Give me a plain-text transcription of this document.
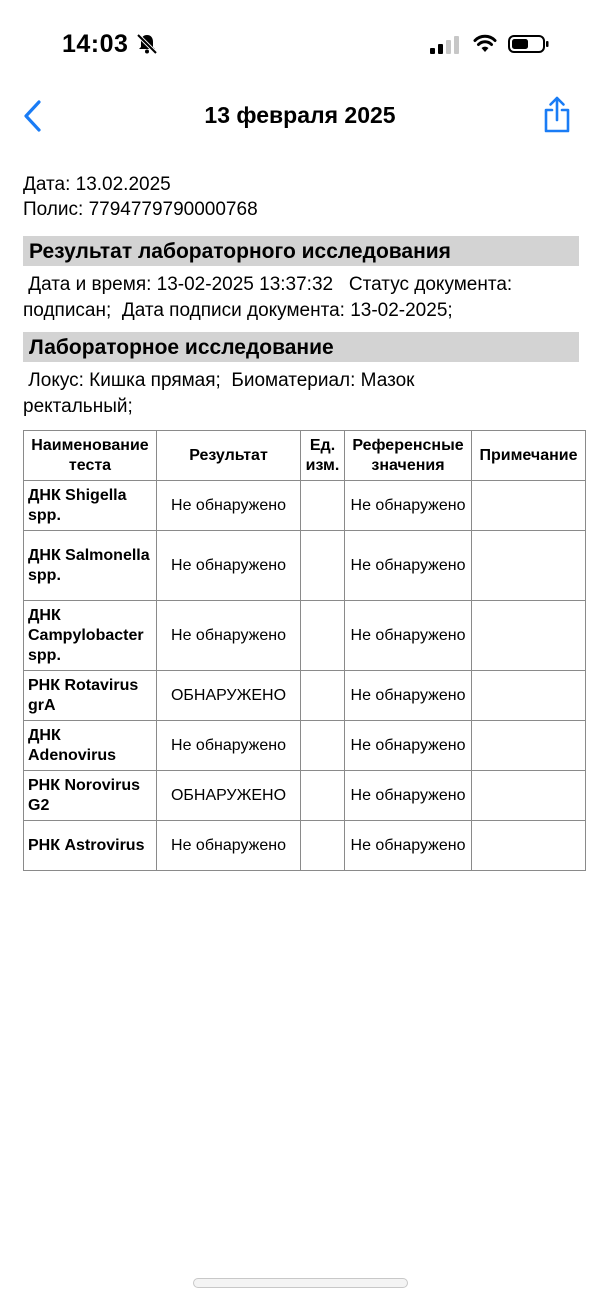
14:03
13 февраля 2025
Дата: 13.02.2025
Полис: 7794779790000768
Результат лабораторного исследования
Дата и время: 13-02-2025 13:37:32   Статус документа:
подписан;  Дата подписи документа: 13-02-2025;
Лабораторное исследование
Локус: Кишка прямая;  Биоматериал: Мазок
ректальный;
Наименование теста	Результат	Ед. изм.	Референсные значения	Примечание
ДНК Shigella spp.	Не обнаружено		Не обнаружено	
ДНК Salmonella spp.	Не обнаружено		Не обнаружено	
ДНК Campylobacter spp.	Не обнаружено		Не обнаружено	
РНК Rotavirus grA	ОБНАРУЖЕНО		Не обнаружено	
ДНК Adenovirus	Не обнаружено		Не обнаружено	
РНК Norovirus G2	ОБНАРУЖЕНО		Не обнаружено	
РНК Astrovirus	Не обнаружено		Не обнаружено	
